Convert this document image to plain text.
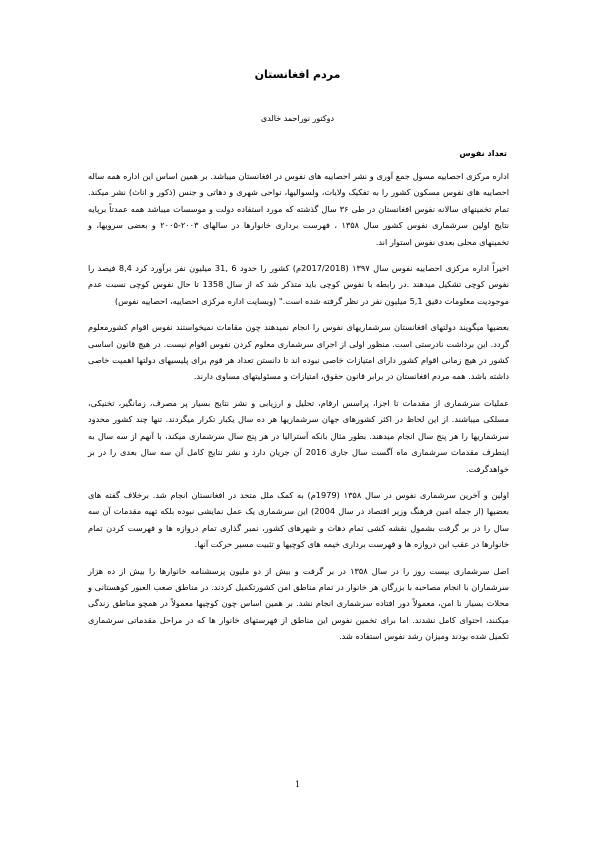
مردم افغانستان
دوکتور نوراحمد خالدی
تعداد نفوس

اداره مرکزی احصاییه مسول جمع آوری و نشر احصاییه های نفوس در افغانستان میباشد. بر همین اساس این اداره همه ساله احصاییه های نفوس مسکون کشور را به تفکیک ولایات، ولسوالیها، نواحی شهری و دهاتی و جنس (ذکور و اناث) نشر میکند. تمام تخمینهای سالانه نفوس افغانستان در طی ۳۶ سال گذشته که مورد استفاده دولت و موسسات میباشد همه عمدتاً برپایه نتایج اولین سرشماری نفوس کشور سال ۱۳۵۸ ، فهرست برداری خانوارها در سالهای ۲۰۰۳-۲۰۰۵ و بعضی سرویها، و تخمینهای محلی بعدی نفوس استوار اند.

اخیراً اداره مرکزی احصاییه نفوس سال ۱۳۹۷ (2017/2018م) کشور را حدود 6 ,31 میلیون نفر برآورد کرد 8,4 فیصد را نفوس کوچی تشکیل میدهند .در رابطه با نفوس کوچی باید متذکر شد که از سال 1358 تا حال نفوس کوچی نسبت عدم موجودیت معلومات دقیق 5,1 میلیون نفر در نظر گرفته شده است." (وبسایت اداره مرکزی احصاییه، احصاییه نفوس)

بعضیها میگویند دولتهای افغانستان سرشماریهای نفوس را انجام نمیدهند چون مقامات نمیخواستند نفوس اقوام کشورمعلوم گردد. این برداشت نادرستی است. منظور اولی از اجرای سرشماری معلوم کردن نفوس اقوام نیست. در هیچ قانون اساسی کشور در هیچ زمانی اقوام کشور دارای امتیازات خاصی نبوده اند تا دانستن تعداد هر قوم برای پلیسیهای دولتها اهمیت خاصی داشته باشد. همه مردم افغانستان در برابر قانون حقوق، امتیازات و مسئولیتهای مساوی دارند.

عملیات سرشماری از مقدمات تا اجرا، پراسس ارقام، تحلیل و ارزیابی و نشر نتایج بسیار پر مصرف، زمانگیر، تخنیکی، مسلکی میباشند. از این لحاظ در اکثر کشورهای جهان سرشماریها هر ده سال یکبار تکرار میگردند. تنها چند کشور محدود سرشماریها را هر پنج سال انجام میدهند. بطور مثال بانکه آسترالیا در هر پنج سال سرشماری میکند، با آنهم از سه سال به اینطرف مقدمات سرشماری ماه آگست سال جاری 2016 آن جریان دارد و نشر نتایج کامل آن سه سال بعدی را در بر خواهدگرفت.

اولین و آخرین سرشماری نفوس در سال ۱۳۵۸ (1979م) به کمک ملل متحد در افغانستان انجام شد. برخلاف گفته های بعضیها (از جمله امین فرهنگ وزیر اقتصاد در سال 2004) این سرشماری یک عمل نمایشی نبوده بلکه تهیه مقدمات آن سه سال را در بر گرفت بشمول نقشه کشی تمام دهات و شهرهای کشور، نمبر گذاری تمام دروازه ها و فهرست کردن تمام خانوارها در عقب این دروازه ها و فهرست برداری خیمه های کوچیها و تثبیت مسیر حرکت آنها.

اصل سرشماری بیست روز را در سال ۱۳۵۸ در بر گرفت و بیش از دو ملیون پرسشنامه خانوارها را بیش از ده هزار سرشماران با انجام مصاحبه با بزرگان هر خانوار در تمام مناطق امن کشورتکمیل کردند. در مناطق صعب العبور کوهستانی و محلات بسیار نا امن، معمولاً دور افتاده سرشماری انجام نشد. بر همین اساس چون کوچیها معمولاً در همچو مناطق زندگی میکنند، احتوای کامل نشدند. اما برای تخمین نفوس این مناطق از فهرستهای خانوار ها که در مراحل مقدماتی سرشماری تکمیل شده بودند ومیزان رشد نفوس استفاده شد.

1
